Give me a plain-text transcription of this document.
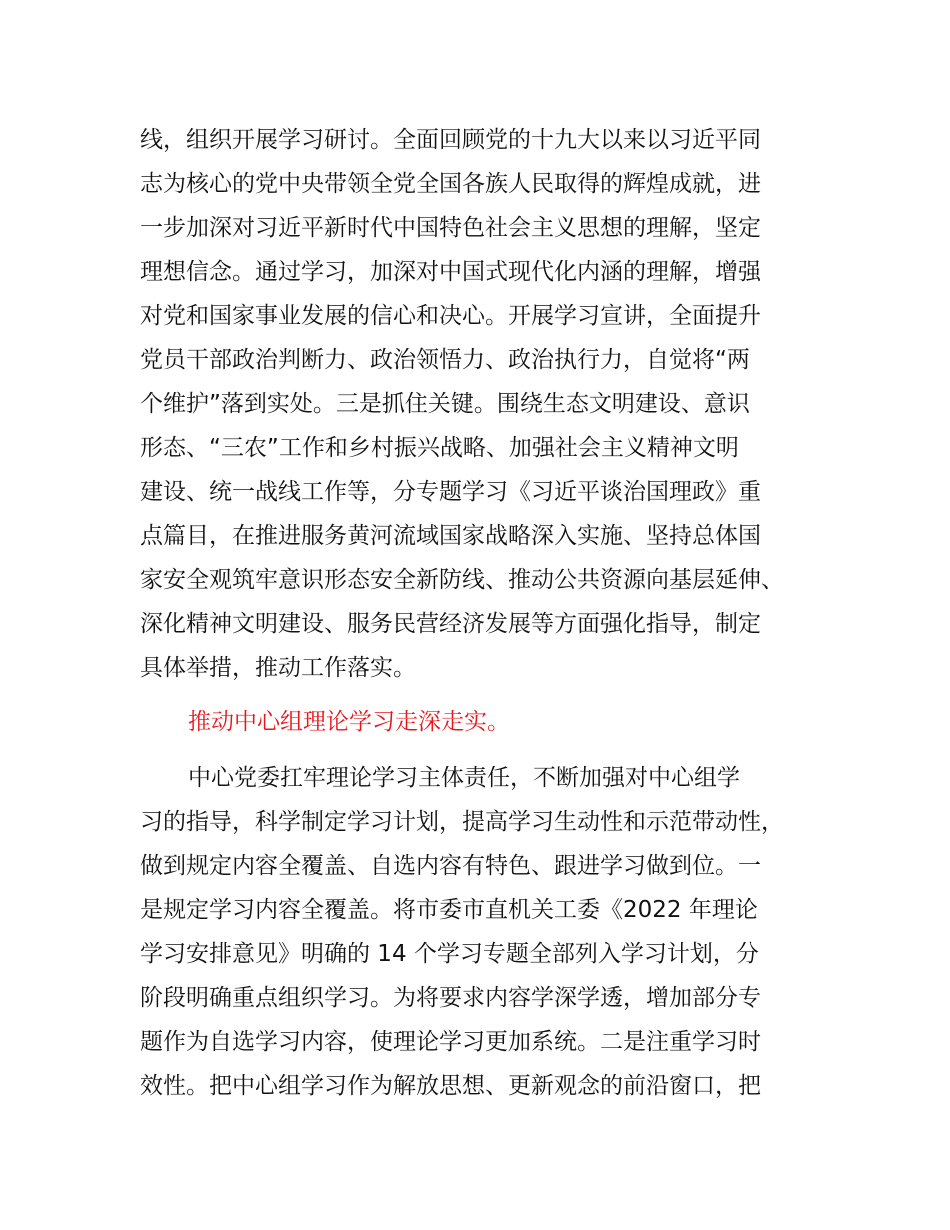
线，组织开展学习研讨。全面回顾党的十九大以来以习近平同
志为核心的党中央带领全党全国各族人民取得的辉煌成就，进
一步加深对习近平新时代中国特色社会主义思想的理解，坚定
理想信念。通过学习，加深对中国式现代化内涵的理解，增强
对党和国家事业发展的信心和决心。开展学习宣讲，全面提升
党员干部政治判断力、政治领悟力、政治执行力，自觉将“两
个维护”落到实处。三是抓住关键。围绕生态文明建设、意识
形态、“三农”工作和乡村振兴战略、加强社会主义精神文明
建设、统一战线工作等，分专题学习《习近平谈治国理政》重
点篇目，在推进服务黄河流域国家战略深入实施、坚持总体国
家安全观筑牢意识形态安全新防线、推动公共资源向基层延伸、
深化精神文明建设、服务民营经济发展等方面强化指导，制定
具体举措，推动工作落实。
推动中心组理论学习走深走实。
中心党委扛牢理论学习主体责任，不断加强对中心组学
习的指导，科学制定学习计划，提高学习生动性和示范带动性，
做到规定内容全覆盖、自选内容有特色、跟进学习做到位。一
是规定学习内容全覆盖。将市委市直机关工委《2022 年理论
学习安排意见》明确的 14 个学习专题全部列入学习计划，分
阶段明确重点组织学习。为将要求内容学深学透，增加部分专
题作为自选学习内容，使理论学习更加系统。二是注重学习时
效性。把中心组学习作为解放思想、更新观念的前沿窗口，把
